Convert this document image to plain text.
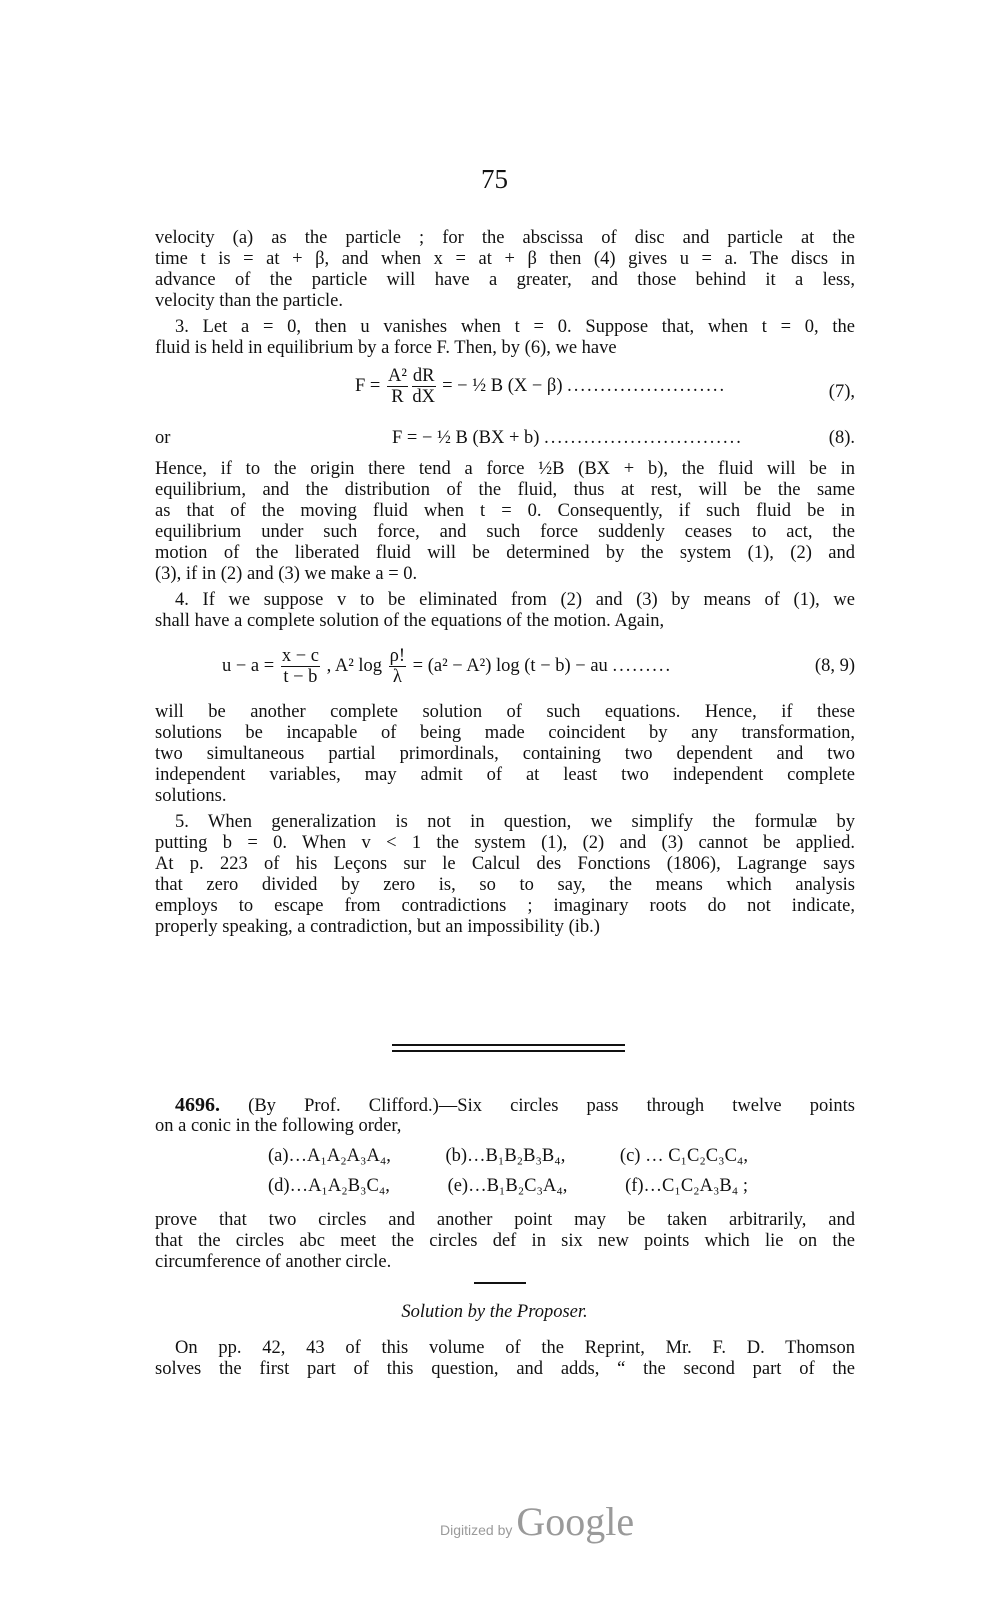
75
velocity (a) as the particle ; for the abscissa of disc and particle at the
time t is = at + β, and when x = at + β then (4) gives u = a. The discs in
advance of the particle will have a greater, and those behind it a less,
velocity than the particle.
3. Let a = 0, then u vanishes when t = 0. Suppose that, when t = 0, the
fluid is held in equilibrium by a force F. Then, by (6), we have
$F = \frac{\text{A²}}{R} \frac{dR}{dX}$ = − ½ B (X − β) ........................	(7),
or	F = − ½ B (BX + b) ..............................	(8).
Hence, if to the origin there tend a force ½B (BX + b), the fluid will be in
equilibrium, and the distribution of the fluid, thus at rest, will be the same
as that of the moving fluid when t = 0. Consequently, if such fluid be in
equilibrium under such force, and such force suddenly ceases to act, the
motion of the liberated fluid will be determined by the system (1), (2) and
(3), if in (2) and (3) we make a = 0.
4. If we suppose v to be eliminated from (2) and (3) by means of (1), we
shall have a complete solution of the equations of the motion. Again,
$u - a = \frac{x - c}{t - b}$ , A² $\log \frac{\rho!}{\lambda} = (a^2 - A^2)$ log (t − b) − au .........	(8, 9)
will be another complete solution of such equations. Hence, if these
solutions be incapable of being made coincident by any transformation,
two simultaneous partial primordinals, containing two dependent and two
independent variables, may admit of at least two independent complete
solutions.
5. When generalization is not in question, we simplify the formulæ by
putting b = 0. When v < 1 the system (1), (2) and (3) cannot be applied.
At p. 223 of his Leçons sur le Calcul des Fonctions (1806), Lagrange says
that zero divided by zero is, so to say, the means which analysis
employs to escape from contradictions ; imaginary roots do not indicate,
properly speaking, a contradiction, but an impossibility (ib.)
4696. (By Prof. Clifford.)—Six circles pass through twelve points
on a conic in the following order,
(a)…A₁A₂A₃A₄,	(b)…B₁B₂B₃B₄,	(c) … C₁C₂C₃C₄,
(d)…A₁A₂B₃C₄,	(e)…B₁B₂C₃A₄,	(f)…C₁C₂A₃B₄ ;
prove that two circles and another point may be taken arbitrarily, and
that the circles abc meet the circles def in six new points which lie on the
circumference of another circle.
Solution by the Proposer.
On pp. 42, 43 of this volume of the Reprint, Mr. F. D. Thomson
solves the first part of this question, and adds, “ the second part of the
Digitized by Google
